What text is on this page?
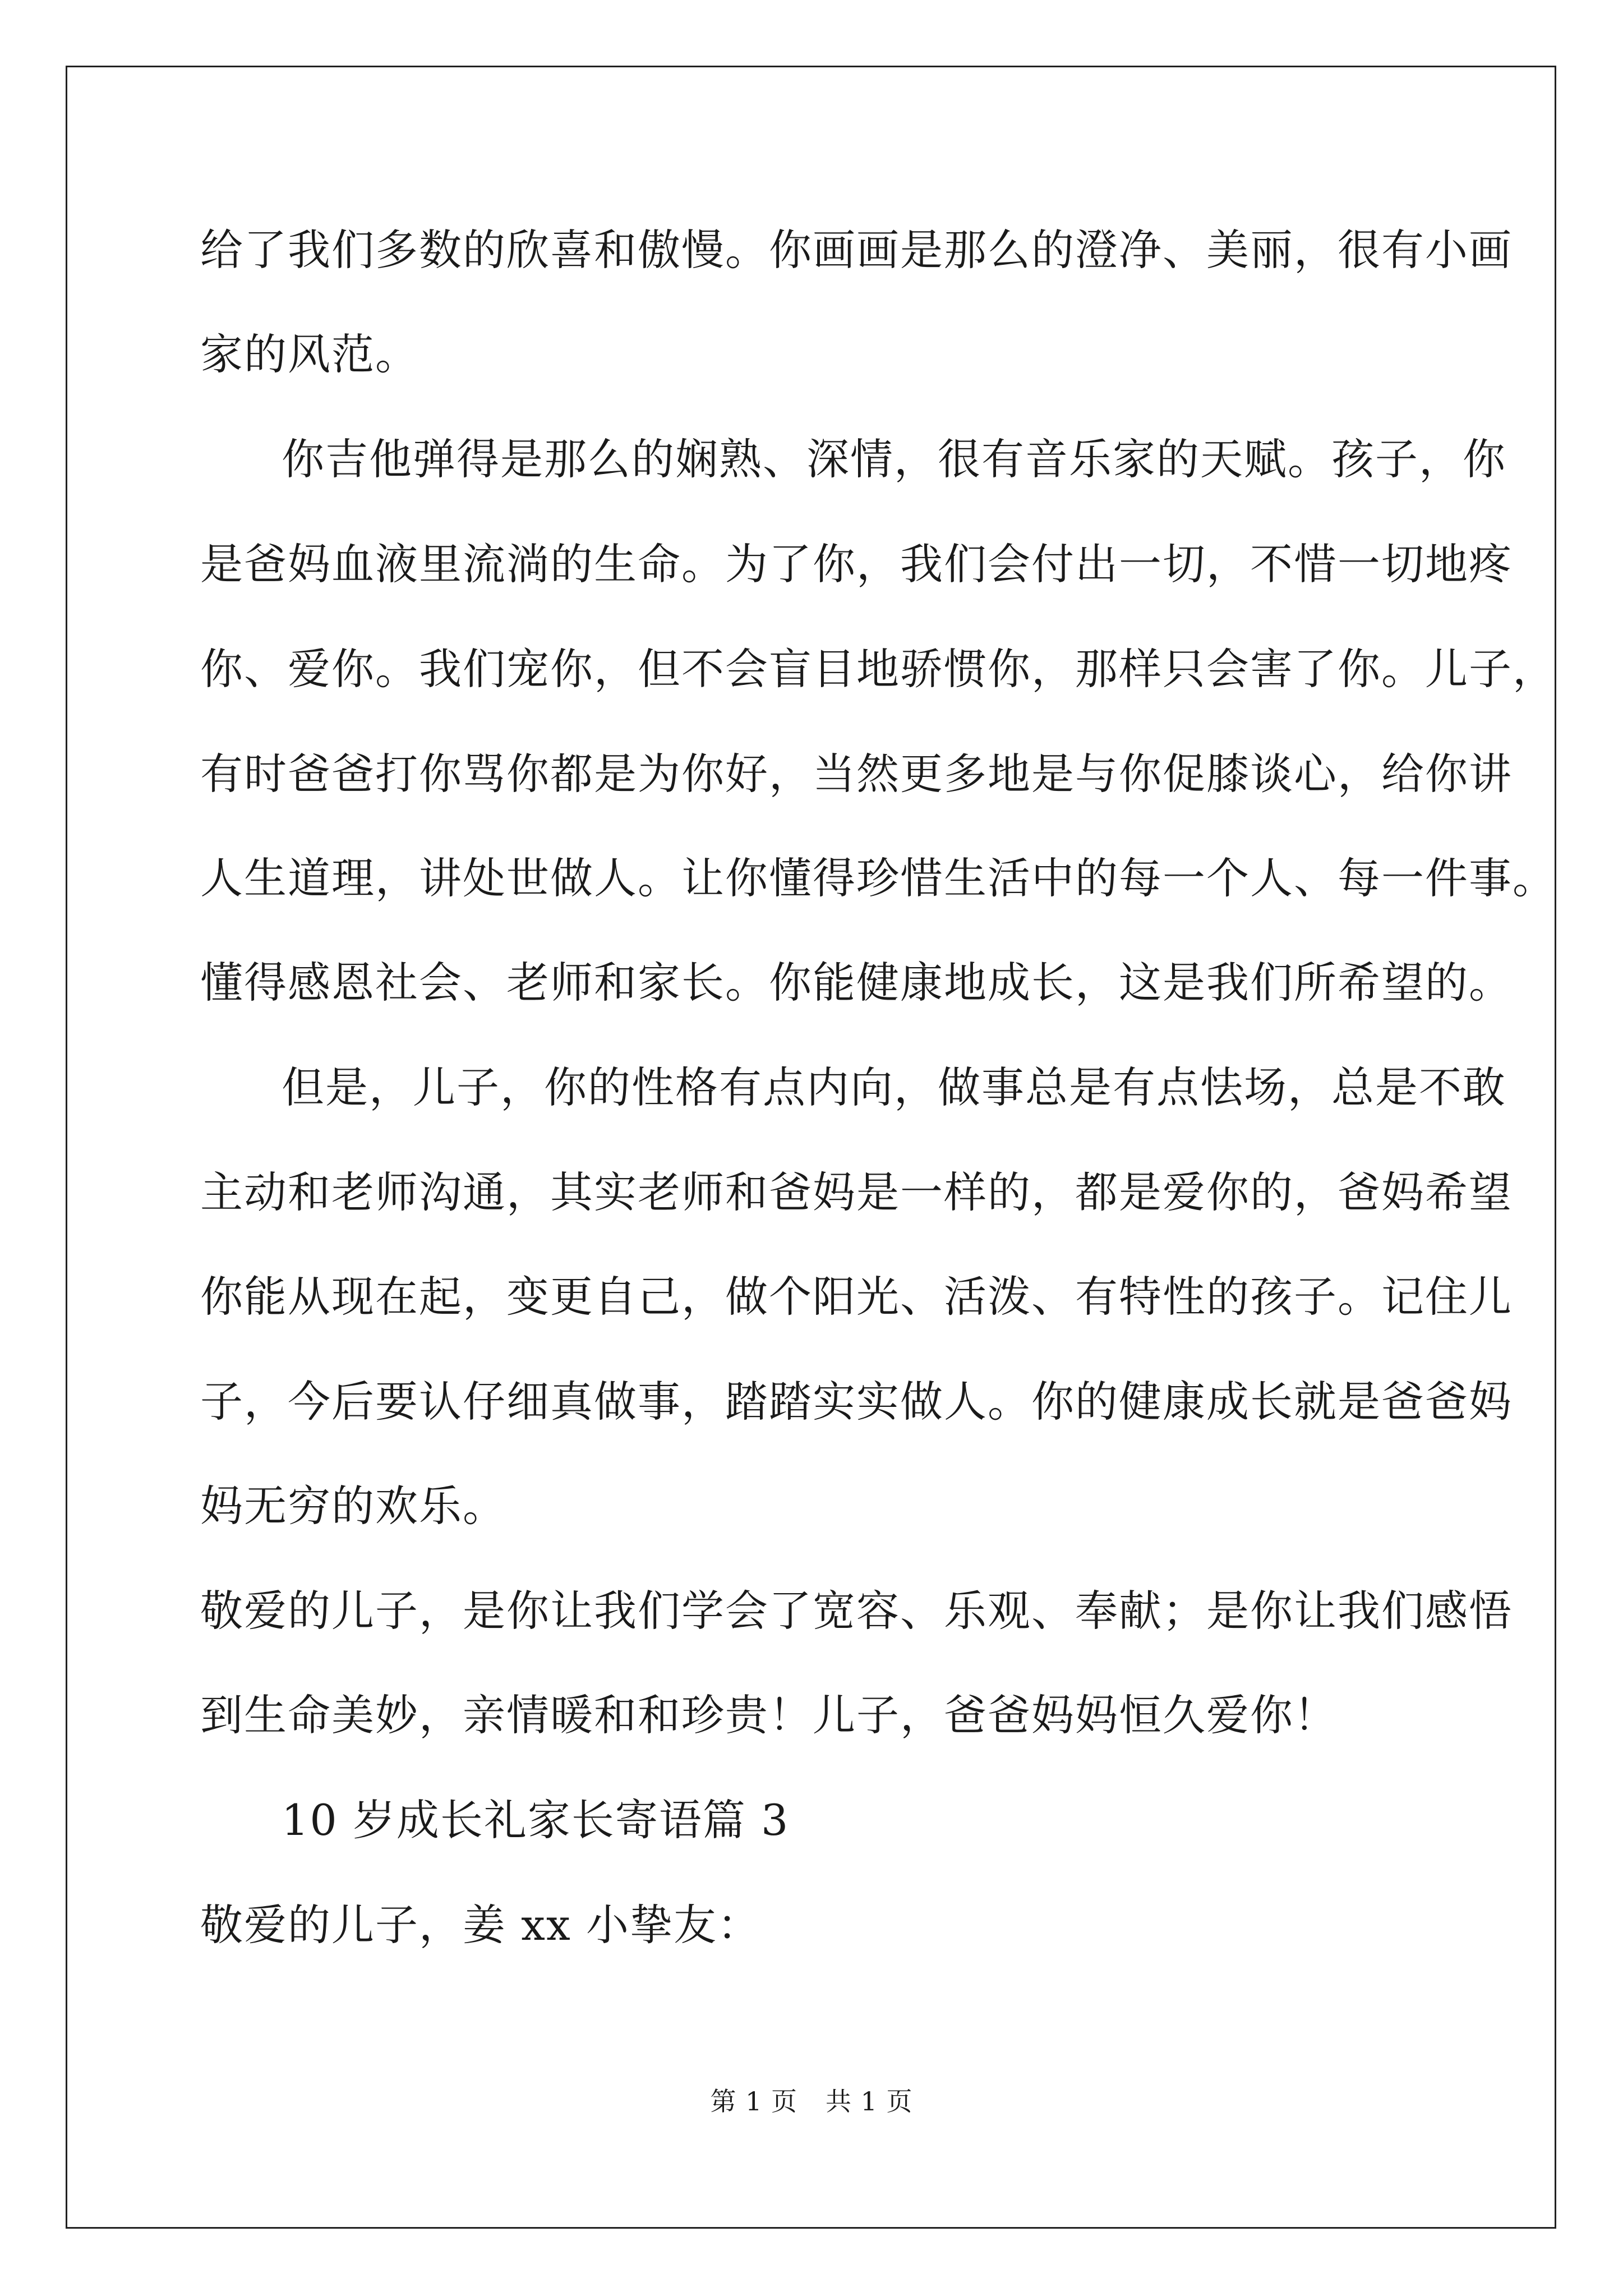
给了我们多数的欣喜和傲慢。你画画是那么的澄净、美丽，很有小画
家的风范。
你吉他弹得是那么的娴熟、深情，很有音乐家的天赋。孩子，你
是爸妈血液里流淌的生命。为了你，我们会付出一切，不惜一切地疼
你、爱你。我们宠你，但不会盲目地骄惯你，那样只会害了你。儿子，
有时爸爸打你骂你都是为你好，当然更多地是与你促膝谈心，给你讲
人生道理，讲处世做人。让你懂得珍惜生活中的每一个人、每一件事。
懂得感恩社会、老师和家长。你能健康地成长，这是我们所希望的。
但是，儿子，你的性格有点内向，做事总是有点怯场，总是不敢
主动和老师沟通，其实老师和爸妈是一样的，都是爱你的，爸妈希望
你能从现在起，变更自己，做个阳光、活泼、有特性的孩子。记住儿
子，今后要认仔细真做事，踏踏实实做人。你的健康成长就是爸爸妈
妈无穷的欢乐。
敬爱的儿子，是你让我们学会了宽容、乐观、奉献；是你让我们感悟
到生命美妙，亲情暖和和珍贵！儿子，爸爸妈妈恒久爱你！
10 岁成长礼家长寄语篇 3
敬爱的儿子，姜 xx 小挚友：
第 1 页 共 1 页
